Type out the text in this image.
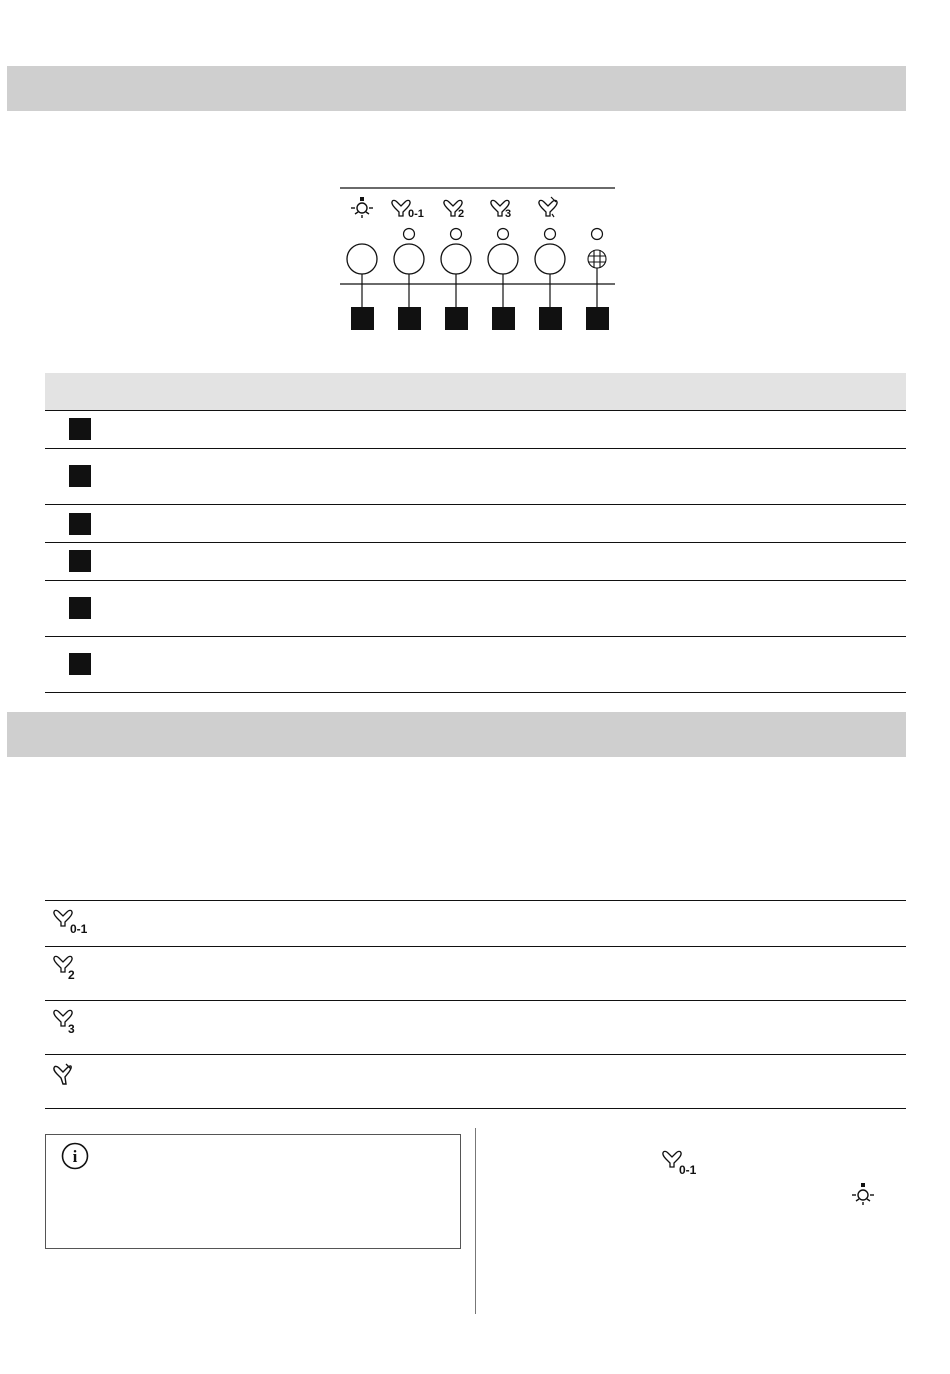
0-1	2	3
0-1
2
3
i
0-1
